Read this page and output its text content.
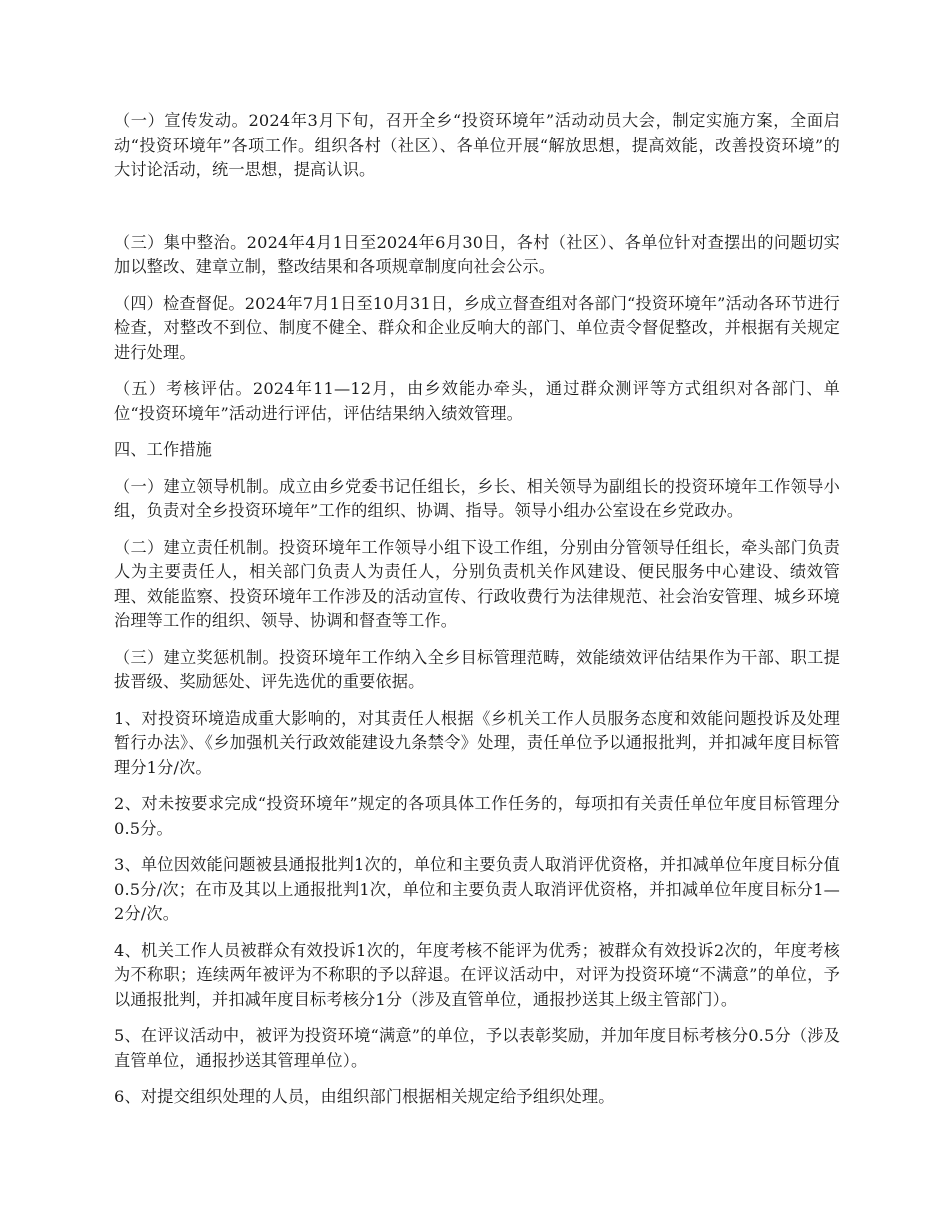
（一）宣传发动。2024年3月下旬，召开全乡“投资环境年”活动动员大会，制定实施方案，全面启动“投资环境年”各项工作。组织各村（社区）、各单位开展“解放思想，提高效能，改善投资环境”的大讨论活动，统一思想，提高认识。

（三）集中整治。2024年4月1日至2024年6月30日，各村（社区）、各单位针对查摆出的问题切实加以整改、建章立制，整改结果和各项规章制度向社会公示。

（四）检查督促。2024年7月1日至10月31日，乡成立督查组对各部门“投资环境年”活动各环节进行检查，对整改不到位、制度不健全、群众和企业反响大的部门、单位责令督促整改，并根据有关规定进行处理。

（五）考核评估。2024年11—12月，由乡效能办牵头，通过群众测评等方式组织对各部门、单位“投资环境年”活动进行评估，评估结果纳入绩效管理。

四、工作措施

（一）建立领导机制。成立由乡党委书记任组长，乡长、相关领导为副组长的投资环境年工作领导小组，负责对全乡投资环境年”工作的组织、协调、指导。领导小组办公室设在乡党政办。

（二）建立责任机制。投资环境年工作领导小组下设工作组，分别由分管领导任组长，牵头部门负责人为主要责任人，相关部门负责人为责任人，分别负责机关作风建设、便民服务中心建设、绩效管理、效能监察、投资环境年工作涉及的活动宣传、行政收费行为法律规范、社会治安管理、城乡环境治理等工作的组织、领导、协调和督查等工作。

（三）建立奖惩机制。投资环境年工作纳入全乡目标管理范畴，效能绩效评估结果作为干部、职工提拔晋级、奖励惩处、评先选优的重要依据。

1、对投资环境造成重大影响的，对其责任人根据《乡机关工作人员服务态度和效能问题投诉及处理暂行办法》、《乡加强机关行政效能建设九条禁令》处理，责任单位予以通报批判，并扣减年度目标管理分1分/次。

2、对未按要求完成“投资环境年”规定的各项具体工作任务的，每项扣有关责任单位年度目标管理分0.5分。

3、单位因效能问题被县通报批判1次的，单位和主要负责人取消评优资格，并扣减单位年度目标分值0.5分/次；在市及其以上通报批判1次，单位和主要负责人取消评优资格，并扣减单位年度目标分1—2分/次。

4、机关工作人员被群众有效投诉1次的，年度考核不能评为优秀；被群众有效投诉2次的，年度考核为不称职；连续两年被评为不称职的予以辞退。在评议活动中，对评为投资环境“不满意”的单位，予以通报批判，并扣减年度目标考核分1分（涉及直管单位，通报抄送其上级主管部门）。

5、在评议活动中，被评为投资环境“满意”的单位，予以表彰奖励，并加年度目标考核分0.5分（涉及直管单位，通报抄送其管理单位）。

6、对提交组织处理的人员，由组织部门根据相关规定给予组织处理。
